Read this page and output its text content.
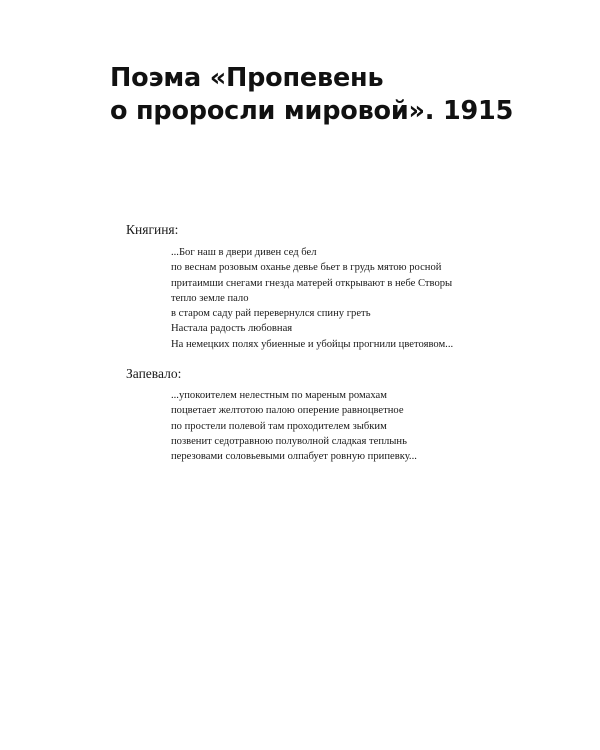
Поэма «Пропевень
о проросли мировой». 1915
Княгиня:
...Бог наш в двери дивен сед бел
по веснам розовым оханье девье бьет в грудь мятою росной
притаимши снегами гнезда матерей открывают в небе Створы
тепло земле пало
в старом саду рай перевернулся спину греть
Настала радость любовная
На немецких полях убиенные и убойцы прогнили цветоявом...
Запевало:
...упокоителем нелестным по мареным ромахам
поцветает желтотою палою оперение равноцветное
по простели полевой там проходителем зыбким
позвенит седотравною полуволной сладкая теплынь
перезовами соловьевыми олпабует ровную припевку...
